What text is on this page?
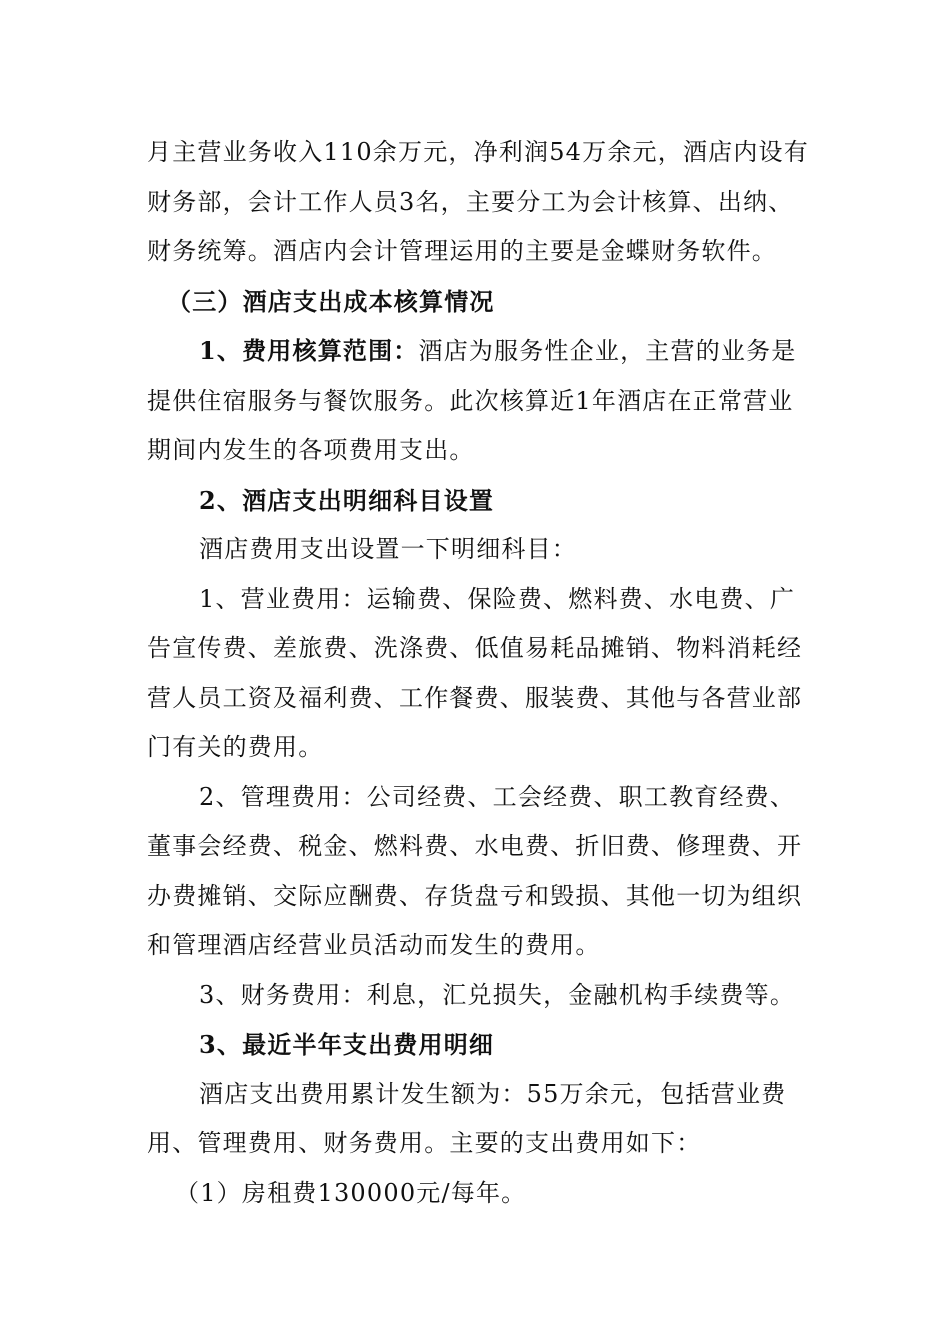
月主营业务收入110余万元，净利润54万余元，酒店内设有财务部，会计工作人员3名，主要分工为会计核算、出纳、财务统筹。酒店内会计管理运用的主要是金蝶财务软件。

（三）酒店支出成本核算情况

1、费用核算范围：酒店为服务性企业，主营的业务是提供住宿服务与餐饮服务。此次核算近1年酒店在正常营业期间内发生的各项费用支出。

2、酒店支出明细科目设置

酒店费用支出设置一下明细科目：

1、营业费用：运输费、保险费、燃料费、水电费、广告宣传费、差旅费、洗涤费、低值易耗品摊销、物料消耗经营人员工资及福利费、工作餐费、服装费、其他与各营业部门有关的费用。

2、管理费用：公司经费、工会经费、职工教育经费、董事会经费、税金、燃料费、水电费、折旧费、修理费、开办费摊销、交际应酬费、存货盘亏和毁损、其他一切为组织和管理酒店经营业员活动而发生的费用。

3、财务费用：利息，汇兑损失，金融机构手续费等。

3、最近半年支出费用明细

酒店支出费用累计发生额为：55万余元，包括营业费用、管理费用、财务费用。主要的支出费用如下：

（1）房租费130000元/每年。
